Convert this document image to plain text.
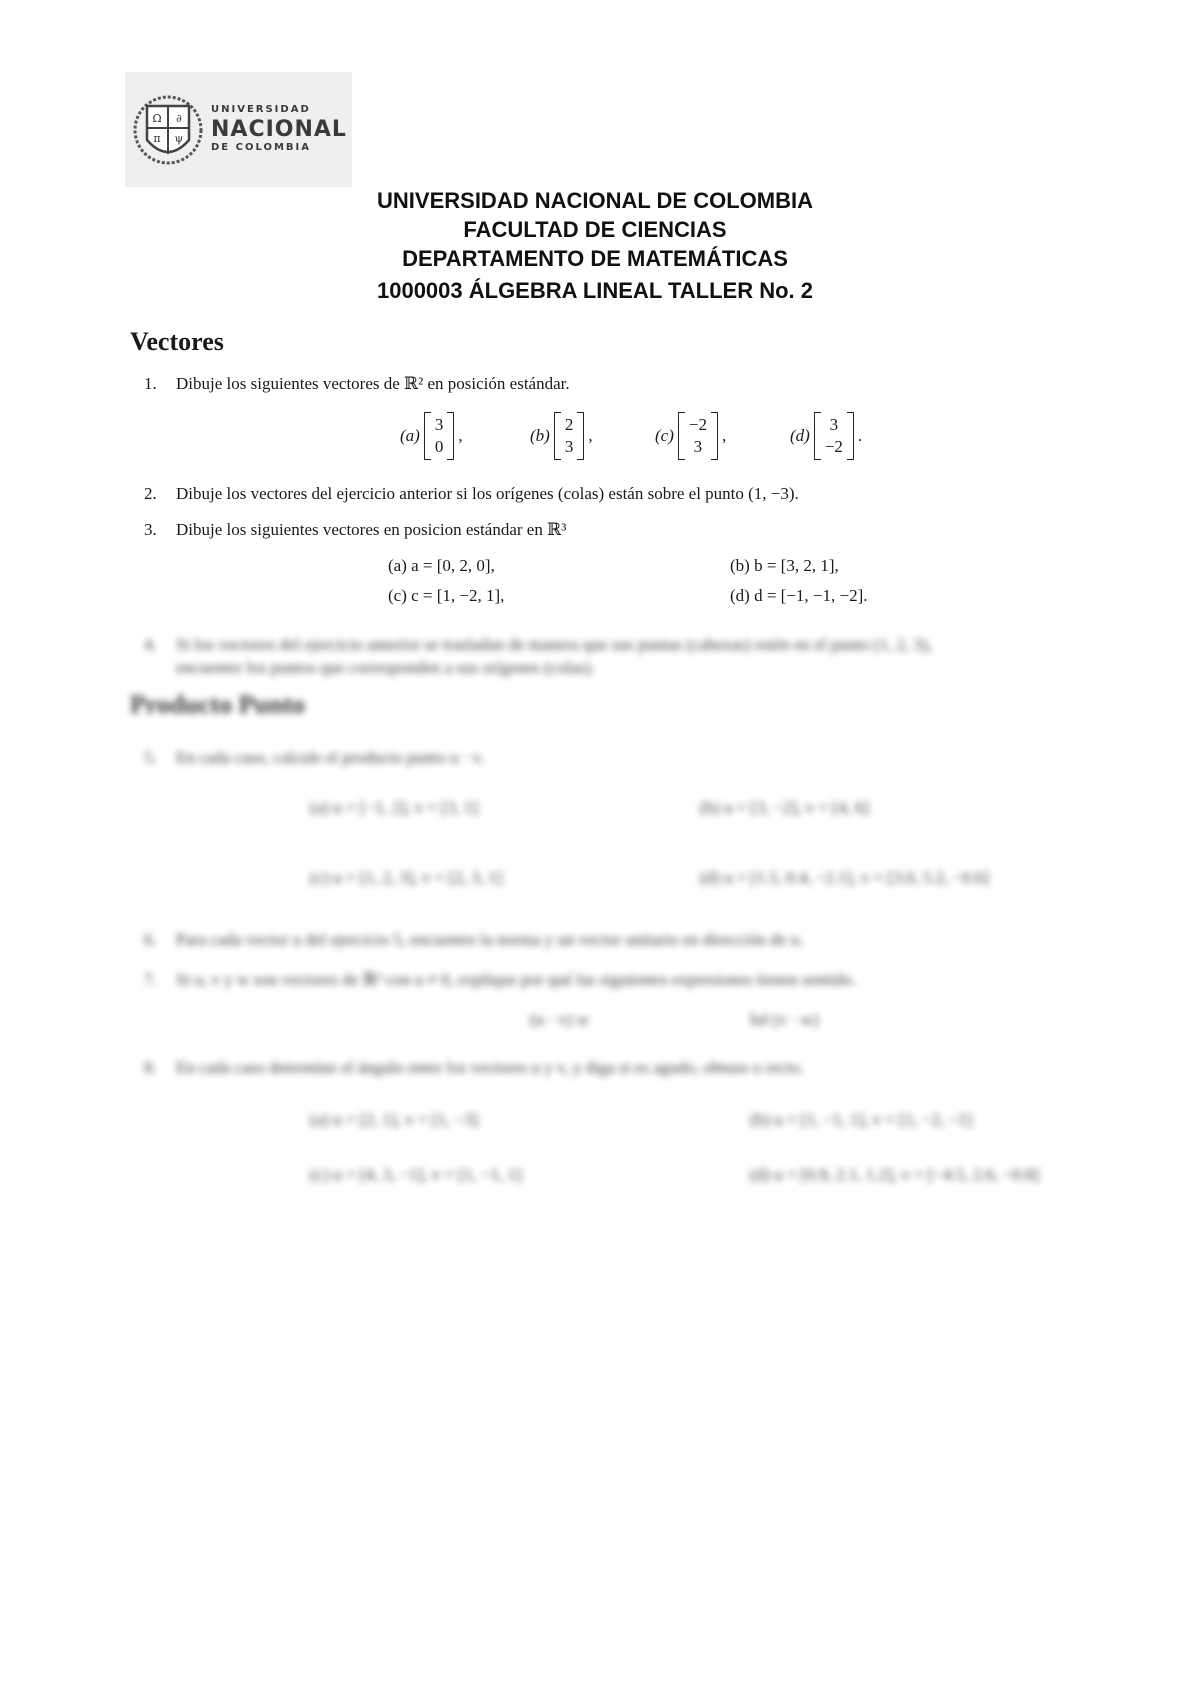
Ω ∂
π ψ
UNIVERSIDAD
NACIONAL
DE COLOMBIA
UNIVERSIDAD NACIONAL DE COLOMBIA
FACULTAD DE CIENCIAS
DEPARTAMENTO DE MATEMÁTICAS
1000003 ÁLGEBRA LINEAL TALLER No. 2
Vectores
1. Dibuje los siguientes vectores de ℝ² en posición estándar.
(a)
3
0
,	(b)
2
3
,	(c)
−2
3
,	(d)
3
−2
.
2. Dibuje los vectores del ejercicio anterior si los orígenes (colas) están sobre el punto (1, −3).
3. Dibuje los siguientes vectores en posicion estándar en ℝ³
(a) a = [0, 2, 0],	(b) b = [3, 2, 1],
(c) c = [1, −2, 1],	(d) d = [−1, −1, −2].
4. Si los vectores del ejercicio anterior se trasladan de manera que sus puntas (cabezas) estén en el punto (1, 2, 3),
encuentre los puntos que corresponden a sus orígenes (colas).
Producto Punto
5. En cada caso, calcule el producto punto u · v.
(a) u = [−1, 2], v = [3, 1]	(b) u = [3, −2], v = [4, 6]
(c) u = [1, 2, 3], v = [2, 3, 1]	(d) u = [1.5, 0.4, −2.1], v = [3.0, 5.2, −0.6]
6. Para cada vector u del ejercicio 5, encuentre la norma y un vector unitario en dirección de u.
7. Si u, v y w son vectores de ℝ³ con u ≠ 0, explique por qué las siguientes expresiones tienen sentido.
(u · v) w	‖u‖ (v · w)
8. En cada caso determine el ángulo entre los vectores u y v, y diga si es agudo, obtuso o recto.
(a) u = [2, 1], v = [1, −3]	(b) u = [1, −1, 1], v = [1, −2, −1]
(c) u = [4, 3, −1], v = [1, −1, 1]	(d) u = [0.9, 2.1, 1.2], v = [−4.5, 2.6, −0.8]
